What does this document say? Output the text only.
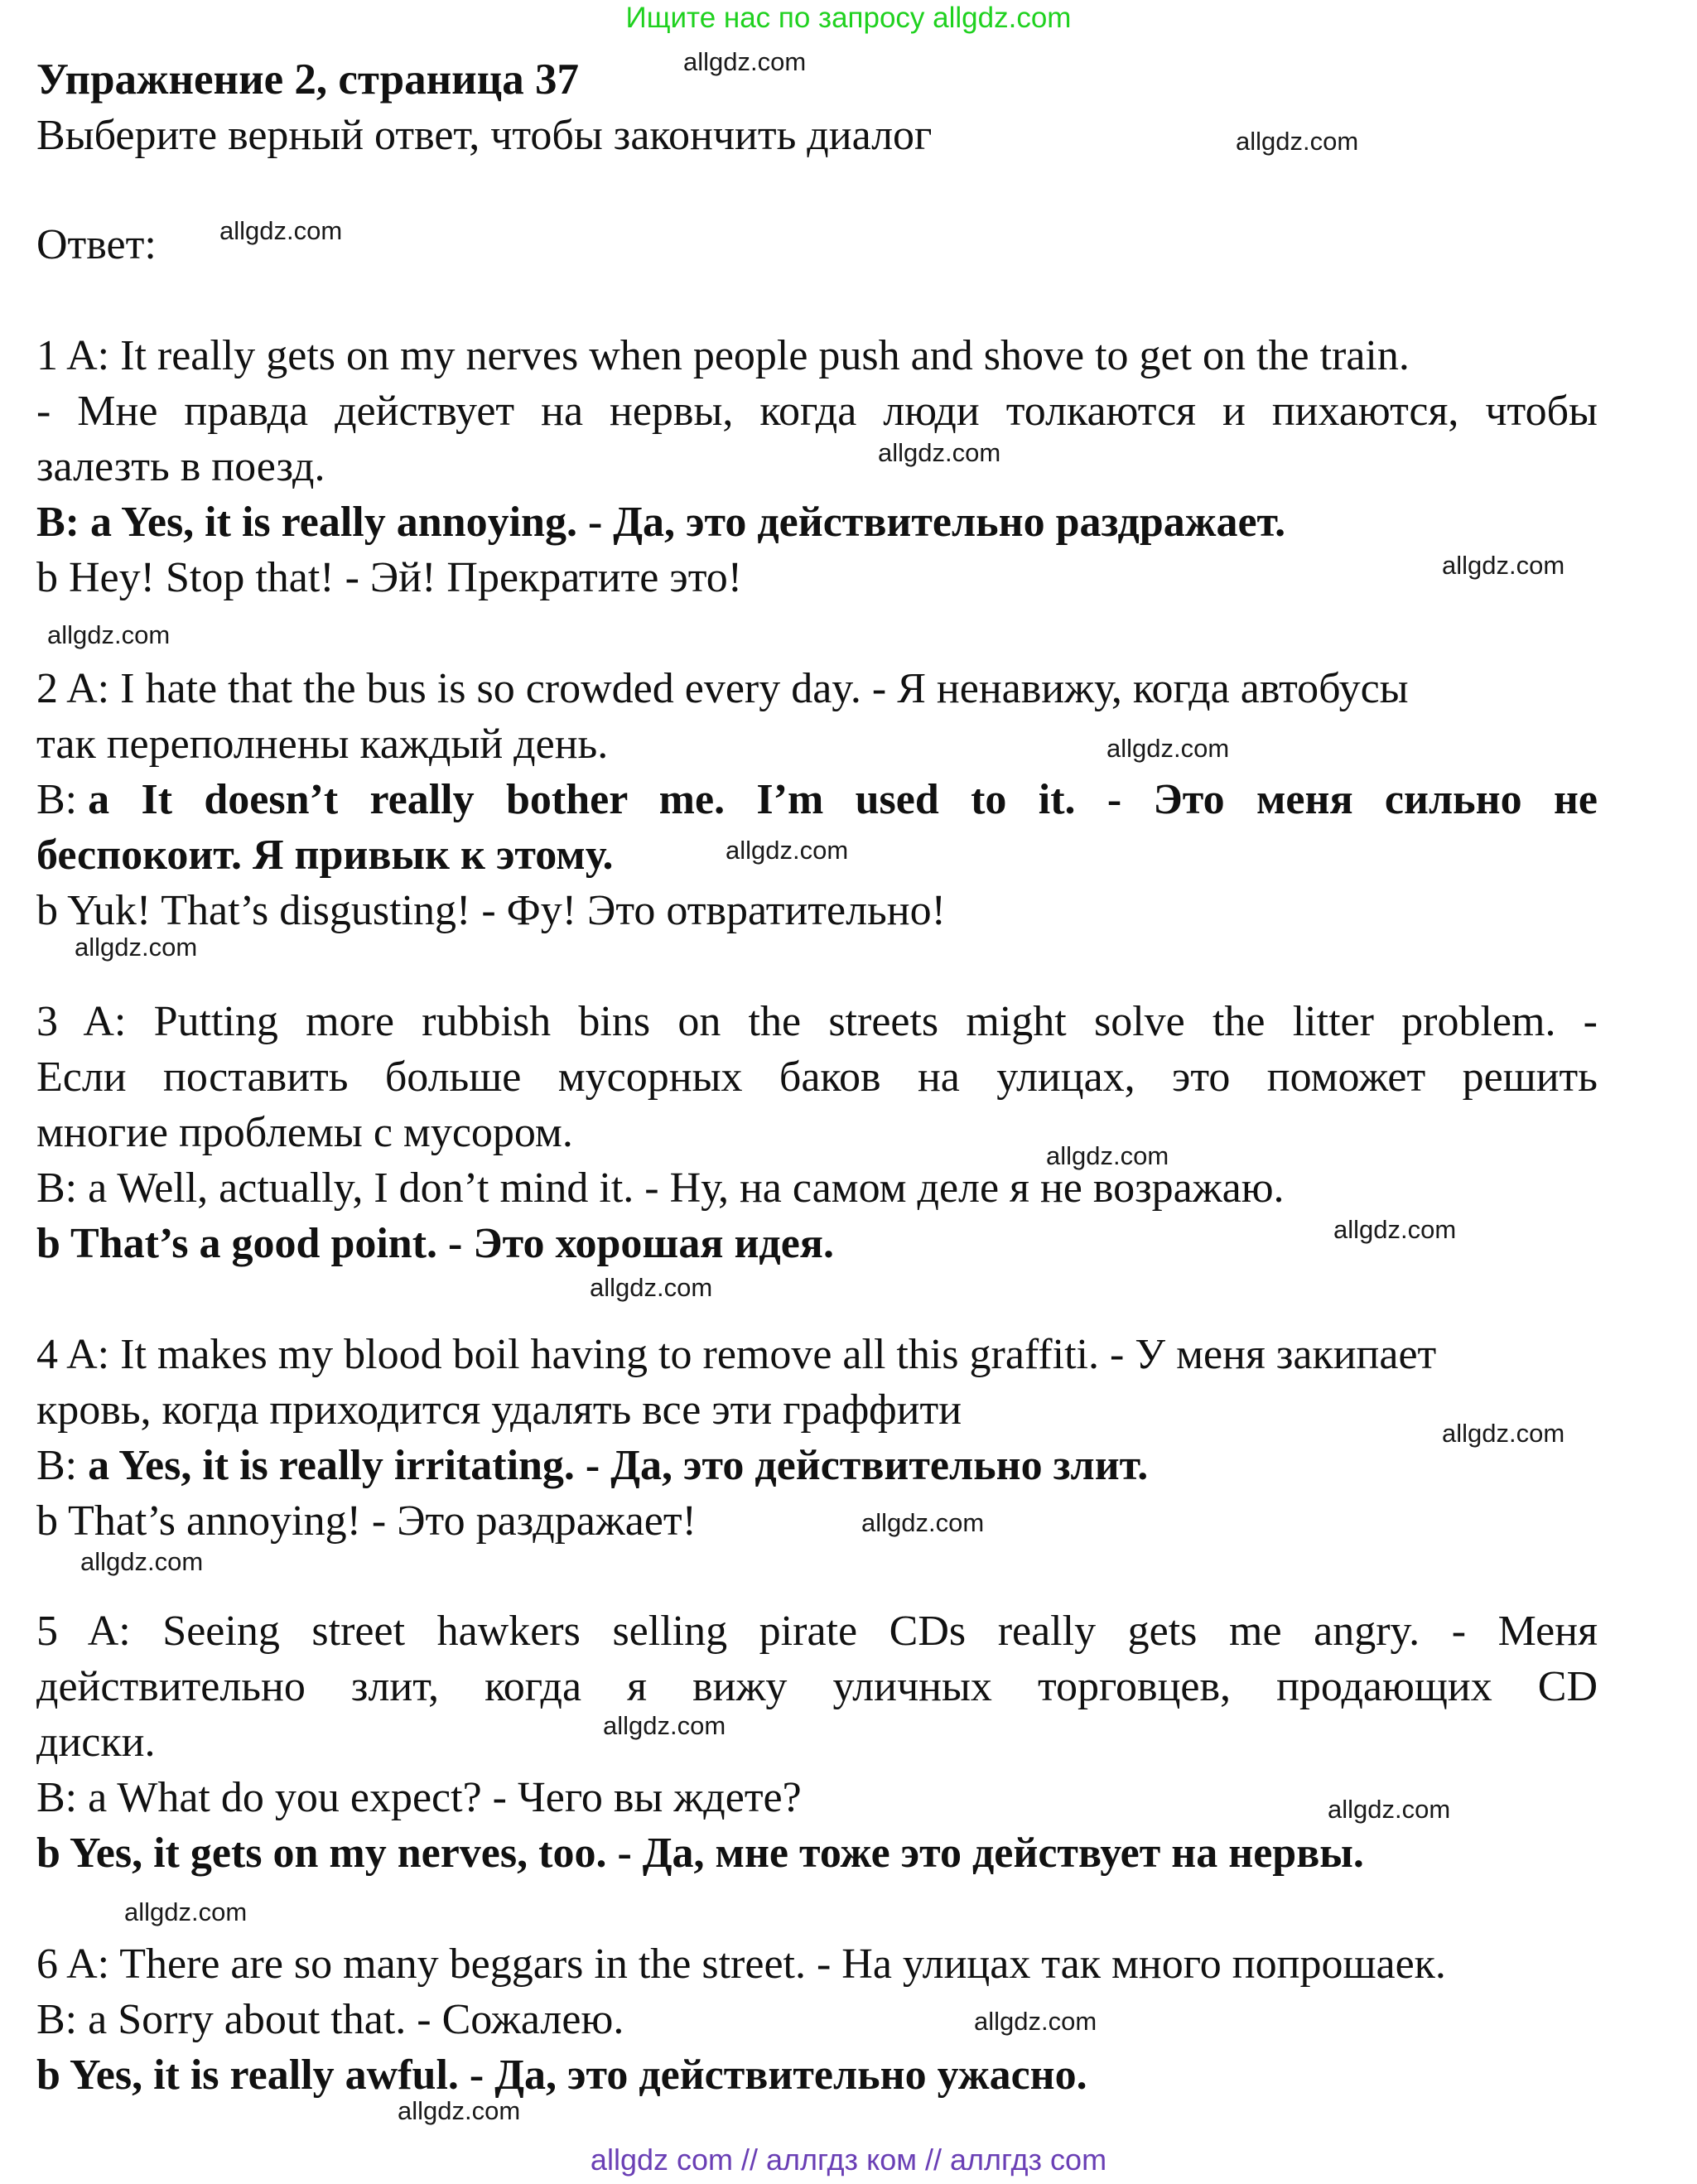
Ищите нас по запросу allgdz.com
Упражнение 2, страница 37
Выберите верный ответ, чтобы закончить диалог
Ответ:
1 A: It really gets on my nerves when people push and shove to get on the train.
- Мне правда действует на нервы, когда люди толкаются и пихаются, чтобы
залезть в поезд.
B: a Yes, it is really annoying. - Да, это действительно раздражает.
b Hey! Stop that! - Эй! Прекратите это!
2 A: I hate that the bus is so crowded every day. - Я ненавижу, когда автобусы
так переполнены каждый день.
B: a It doesn’t really bother me. I’m used to it. - Это меня сильно не
беспокоит. Я привык к этому.
b Yuk! That’s disgusting! - Фу! Это отвратительно!
3 A: Putting more rubbish bins on the streets might solve the litter problem. -
Если поставить больше мусорных баков на улицах, это поможет решить
многие проблемы с мусором.
B: a Well, actually, I don’t mind it. - Ну, на самом деле я не возражаю.
b That’s a good point. - Это хорошая идея.
4 A: It makes my blood boil having to remove all this graffiti. - У меня закипает
кровь, когда приходится удалять все эти граффити
B: a Yes, it is really irritating. - Да, это действительно злит.
b That’s annoying! - Это раздражает!
5 A: Seeing street hawkers selling pirate CDs really gets me angry. - Меня
действительно злит, когда я вижу уличных торговцев, продающих CD
диски.
B: a What do you expect? - Чего вы ждете?
b Yes, it gets on my nerves, too. - Да, мне тоже это действует на нервы.
6 A: There are so many beggars in the street. - На улицах так много попрошаек.
B: a Sorry about that. - Сожалею.
b Yes, it is really awful. - Да, это действительно ужасно.
allgdz.com
allgdz.com
allgdz.com
allgdz.com
allgdz.com
allgdz.com
allgdz.com
allgdz.com
allgdz.com
allgdz.com
allgdz.com
allgdz.com
allgdz.com
allgdz.com
allgdz.com
allgdz.com
allgdz.com
allgdz.com
allgdz.com
allgdz.com
allgdz com // аллгдз ком // аллгдз com
